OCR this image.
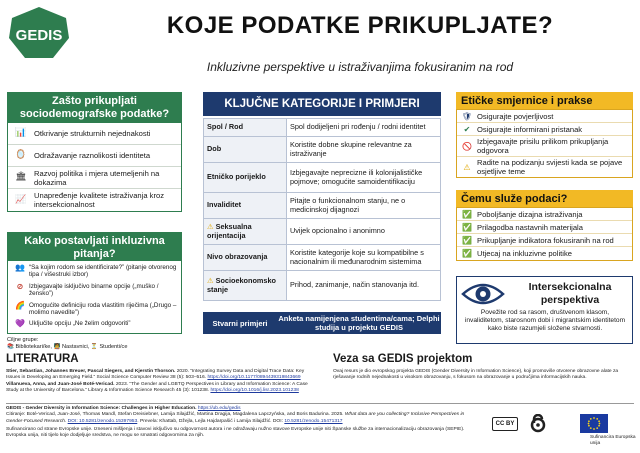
GEDIS	KOJE PODATKE PRIKUPLJATE?
Inkluzivne perspektive u istraživanjima fokusiranim na rod
Zašto prikupljati sociodemografske podatke?
📊 Otkrivanje strukturnih nejednakosti
🪞 Odražavanje raznolikosti identiteta
🏛 Razvoj politika i mjera utemeljenih na dokazima
📈 Unapređenje kvalitete istraživanja kroz intersekcionalnost
Kako postavljati inkluzivna pitanja?
👥 “Sa kojim rodom se identificirate?” (pitanje otvorenog tipa / višestruki izbor)
⊘ Izbjegavajte isključivo binarne opcije („muško / žensko”)
🌈 Omogućite definiciju roda vlastitim riječima („Drugo – molimo navedite”)
💜 Uključite opciju „Ne želim odgovoriti”
Ciljne grupe:
📚 Bibliotekari/ke, 🧑‍🏫 Nastavnici, ⏳ Studenti/ce
KLJUČNE KATEGORIJE I PRIMJERI
Spol / Rod	Spol dodijeljeni pri rođenju / rodni identitet
Dob	Koristite dobne skupine relevantne za istraživanje
Etničko porijeklo	Izbjegavajte neprecizne ili kolonijalističke pojmove; omogućite samoidentifikaciju
Invaliditet	Pitajte o funkcionalnom stanju, ne o medicinskoj dijagnozi
⚠ Seksualna orijentacija	Uvijek opcionalno i anonimno
Nivo obrazovanja	Koristite kategorije koje su kompatibilne s nacionalnim ili međunarodnim sistemima
⚠ Socioekonomsko stanje	Prihod, zanimanje, način stanovanja itd.
Stvarni primjeri	Anketa namijenjena studentima/cama; Delphi studija u projektu GEDIS
Etičke smjernice i prakse
🛡 Osigurajte povjerljivost
✔ Osigurajte informirani pristanak
🚫 Izbjegavajte prisilu prilikom prikupljanja odgovora
⚠ Radite na podizanju svijesti kada se pojave osjetljive teme
Čemu služe podaci?
✅ Poboljšanje dizajna istraživanja
✅ Prilagodba nastavnih materijala
✅ Prikupljanje indikatora fokusiranih na rod
✅ Utjecaj na inkluzivne politike
Intersekcionalna perspektiva
Povežite rod sa rasom, društvenom klasom, invaliditetom, starosnom dobi i migrantskim identitetom kako biste razumjeli složene stvarnosti.
LITERATURA
Stier, Sebastian, Johannes Breuer, Pascal Siegers, and Kjerstin Thorson. 2020. “Integrating Survey Data and Digital Trace Data: Key Issues in Developing an Emerging Field.” Social Science Computer Review 38 (5): 503–516. https://doi.org/10.1177/0894439319843669
Villanueva, Anna, and Juan-José Boté-Vericad. 2023. “The Gender and LGBTQ Perspectives in Library and Information Science: A Case Study at the University of Barcelona.” Library & Information Science Research 45 (3): 101238. https://doi.org/10.1016/j.lisr.2023.101238
Veza sa GEDIS projektom
Ovaj resurs je dio evropskog projekta GEDIS (Gender Diversity in Information Science), koji promoviše otvorene obrazovne alate za rješavanje rodnih nejednakosti u visokom obrazovanju, s fokusom na obrazovanje u područjima informacijskih nauka.
GEDIS - Gender Diversity in Information Science: Challenges in Higher Education. https://ub.edu/gedis
Citiranje: Boté-Vericad, Juan-José, Thomas Mandl, Stefan Dreisiebner, Lamija Silajdžić, Martina Dragija, Magdalena Lapczyńska, and Boris Badurina. 2025. What data are you collecting? Inclusive Perspectives in Gender-Focused Research. DOI: 10.5281/zenodo.15397953. Prevela: Khattab, Džejla, Lejla Hajdarpašić i Lamija Silajdžić. DOI: 10.5281/zenodo.15471317
Sufinancirano od strane Evropske unije. Izneseni mišljenja i stavovi isključivo su odgovornost autora i ne odražavaju nužno stavove Evropske unije niti Španske službe za internacionalizaciju obrazovanja (SEPIE). Evropska unija, niti tijelo koje dodjeljuje sredstva, ne mogu se smatrati odgovornima za njih.
CC BY
Sufinancira Europska unija
